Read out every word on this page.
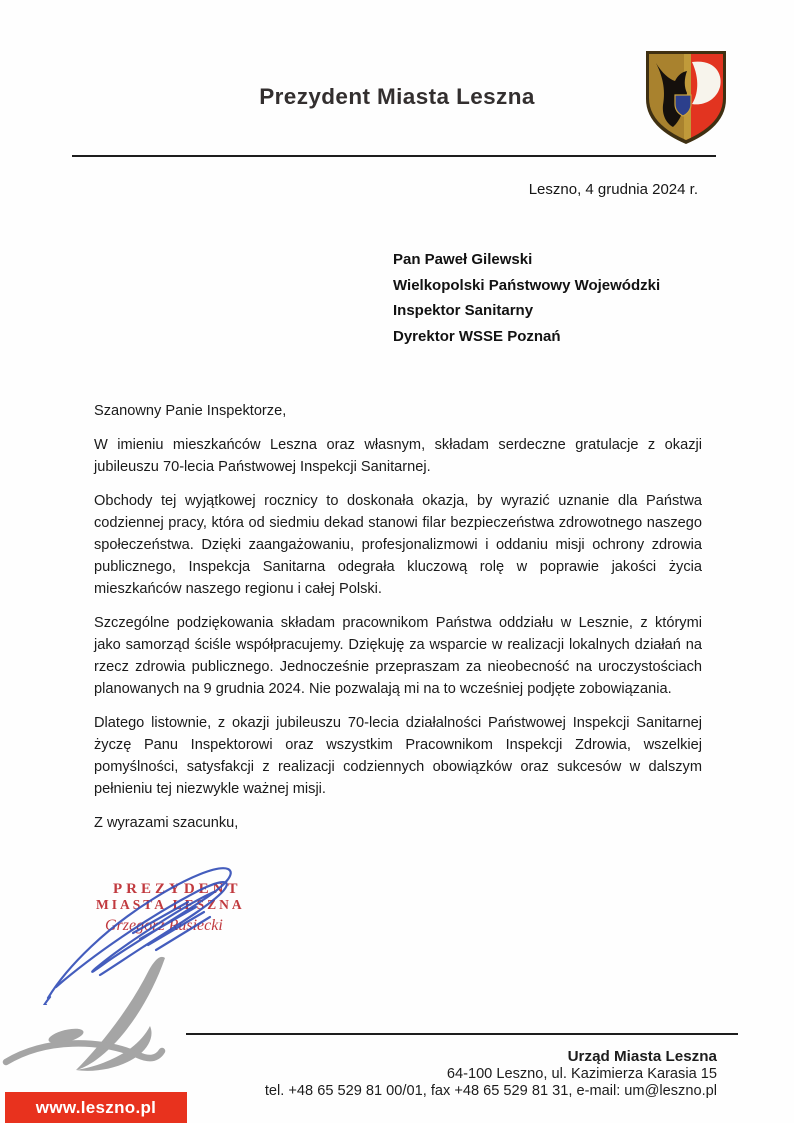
Prezydent Miasta Leszna
Leszno, 4 grudnia 2024 r.
Pan Paweł Gilewski
Wielkopolski Państwowy Wojewódzki
Inspektor Sanitarny
Dyrektor WSSE Poznań

Szanowny Panie Inspektorze,

W imieniu mieszkańców Leszna oraz własnym, składam serdeczne gratulacje z okazji jubileuszu 70-lecia Państwowej Inspekcji Sanitarnej.

Obchody tej wyjątkowej rocznicy to doskonała okazja, by wyrazić uznanie dla Państwa codziennej pracy, która od siedmiu dekad stanowi filar bezpieczeństwa zdrowotnego naszego społeczeństwa. Dzięki zaangażowaniu, profesjonalizmowi i oddaniu misji ochrony zdrowia publicznego, Inspekcja Sanitarna odegrała kluczową rolę w poprawie jakości życia mieszkańców naszego regionu i całej Polski.

Szczególne podziękowania składam pracownikom Państwa oddziału w Lesznie, z którymi jako samorząd ściśle współpracujemy. Dziękuję za wsparcie w realizacji lokalnych działań na rzecz zdrowia publicznego. Jednocześnie przepraszam za nieobecność na uroczystościach planowanych na 9 grudnia 2024. Nie pozwalają mi na to wcześniej podjęte zobowiązania.

Dlatego listownie, z okazji jubileuszu 70-lecia działalności Państwowej Inspekcji Sanitarnej życzę Panu Inspektorowi oraz wszystkim Pracownikom Inspekcji Zdrowia, wszelkiej pomyślności, satysfakcji z realizacji codziennych obowiązków oraz sukcesów w dalszym pełnieniu tej niezwykle ważnej misji.

Z wyrazami szacunku,

PREZYDENT
MIASTA LESZNA
Grzegorz Rusiecki
Urząd Miasta Leszna
64-100 Leszno, ul. Kazimierza Karasia 15
tel. +48 65 529 81 00/01, fax +48 65 529 81 31, e-mail: um@leszno.pl
www.leszno.pl
